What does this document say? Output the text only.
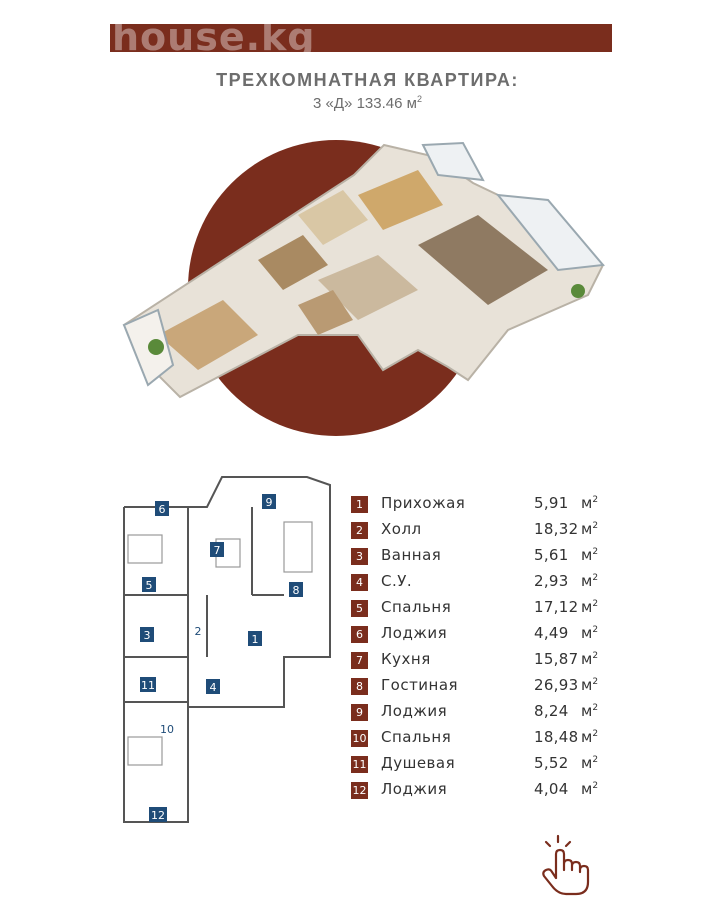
house.kg
ТРЕХКОМНАТНАЯ КВАРТИРА:
3 «Д» 133.46 $м^2$
1
2
3
4
5
6
7
8
9
10
11
12
1	Прихожая	5,91 $м^2$
2	Холл	18,32 $м^2$
3	Ванная	5,61 $м^2$
4	С.У.	2,93 $м^2$
5	Спальня	17,12 $м^2$
6	Лоджия	4,49 $м^2$
7	Кухня	15,87 $м^2$
8	Гостиная	26,93 $м^2$
9	Лоджия	8,24 $м^2$
10 Спальня	18,48 $м^2$
11 Душевая	5,52 $м^2$
12 Лоджия	4,04 $м^2$
